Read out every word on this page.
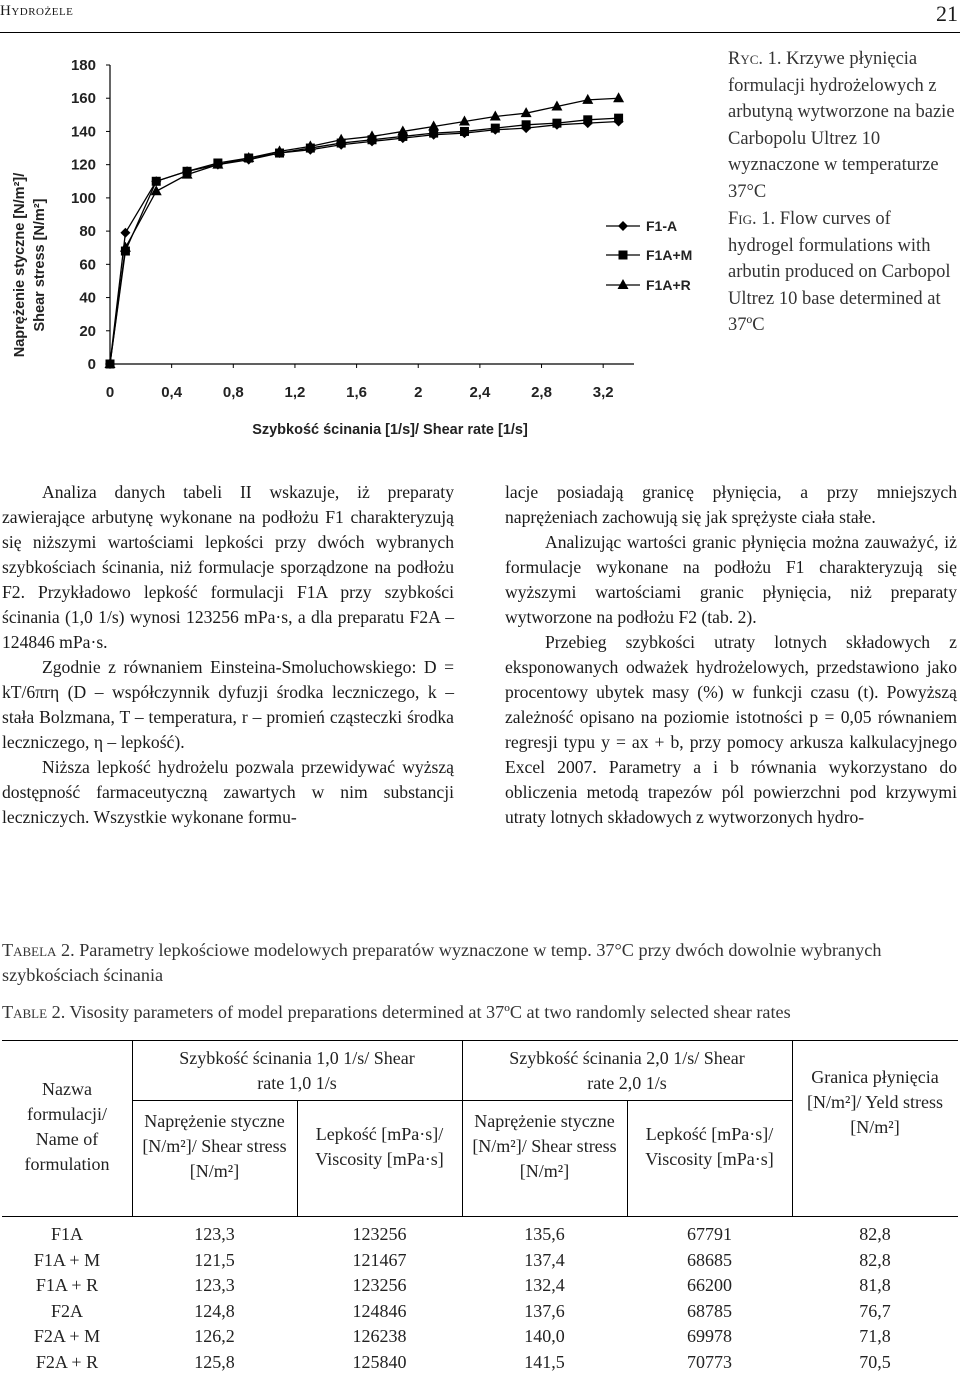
Hydrożele	21
0
20
40
60
80
100
120
140
160
180
0	0,4	0,8	1,2	1,6	2	2,4	2,8	3,2
F1-A
F1A+M
F1A+R
Naprężenie styczne [N/m²]/ Shear stress [N/m²]
Szybkość ścinania [1/s]/ Shear rate [1/s]
Ryc. 1. Krzywe płynięcia formulacji hydrożelowych z arbutyną wytworzone na bazie Carbopolu Ultrez 10 wyznaczone w temperaturze 37°C
Fig. 1. Flow curves of hydrogel formulations with arbutin produced on Carbopol Ultrez 10 base determined at 37ºC

Analiza danych tabeli II wskazuje, iż preparaty zawierające arbutynę wykonane na podłożu F1 charakteryzują się niższymi wartościami lepkości przy dwóch wybranych szybkościach ścinania, niż formulacje sporządzone na podłożu F2. Przykładowo lepkość formulacji F1A przy szybkości ścinania (1,0 1/s) wynosi 123256 mPa·s, a dla preparatu F2A – 124846 mPa·s.

Zgodnie z równaniem Einsteina-Smoluchowskiego: D = kT/6πrη (D – współczynnik dyfuzji środka leczniczego, k – stała Bolzmana, T – temperatura, r – promień cząsteczki środka leczniczego, η – lepkość).

Niższa lepkość hydrożelu pozwala przewidywać wyższą dostępność farmaceutyczną zawartych w nim substancji leczniczych. Wszystkie wykonane formu-

lacje posiadają granicę płynięcia, a przy mniejszych naprężeniach zachowują się jak sprężyste ciała stałe.

Analizując wartości granic płynięcia można zauważyć, iż formulacje wykonane na podłożu F1 charakteryzują się wyższymi wartościami granic płynięcia, niż preparaty wytworzone na podłożu F2 (tab. 2).

Przebieg szybkości utraty lotnych składowych z eksponowanych odważek hydrożelowych, przedstawiono jako procentowy ubytek masy (%) w funkcji czasu (t). Powyższą zależność opisano na poziomie istotności p = 0,05 równaniem regresji typu y = ax + b, przy pomocy arkusza kalkulacyjnego Excel 2007. Parametry a i b równania wykorzystano do obliczenia metodą trapezów pól powierzchni pod krzywymi utraty lotnych składowych z wytworzonych hydro-

Tabela 2. Parametry lepkościowe modelowych preparatów wyznaczone w temp. 37°C przy dwóch dowolnie wybranych szybkościach ścinania
Table 2. Visosity parameters of model preparations determined at 37ºC at two randomly selected shear rates
Nazwa formulacji/ Name of formulation
Szybkość ścinania 1,0 1/s/ Shear rate 1,0 1/s
Szybkość ścinania 2,0 1/s/ Shear rate 2,0 1/s
Naprężenie styczne [N/m²]/ Shear stress [N/m²]
Lepkość [mPa·s]/ Viscosity [mPa·s]
Naprężenie styczne [N/m²]/ Shear stress [N/m²]
Lepkość [mPa·s]/ Viscosity [mPa·s]
Granica płynięcia [N/m²]/ Yeld stress [N/m²]
F1A	123,3	123256	135,6	67791	82,8
F1A + M	121,5	121467	137,4	68685	82,8
F1A + R	123,3	123256	132,4	66200	81,8
F2A	124,8	124846	137,6	68785	76,7
F2A + M	126,2	126238	140,0	69978	71,8
F2A + R	125,8	125840	141,5	70773	70,5
